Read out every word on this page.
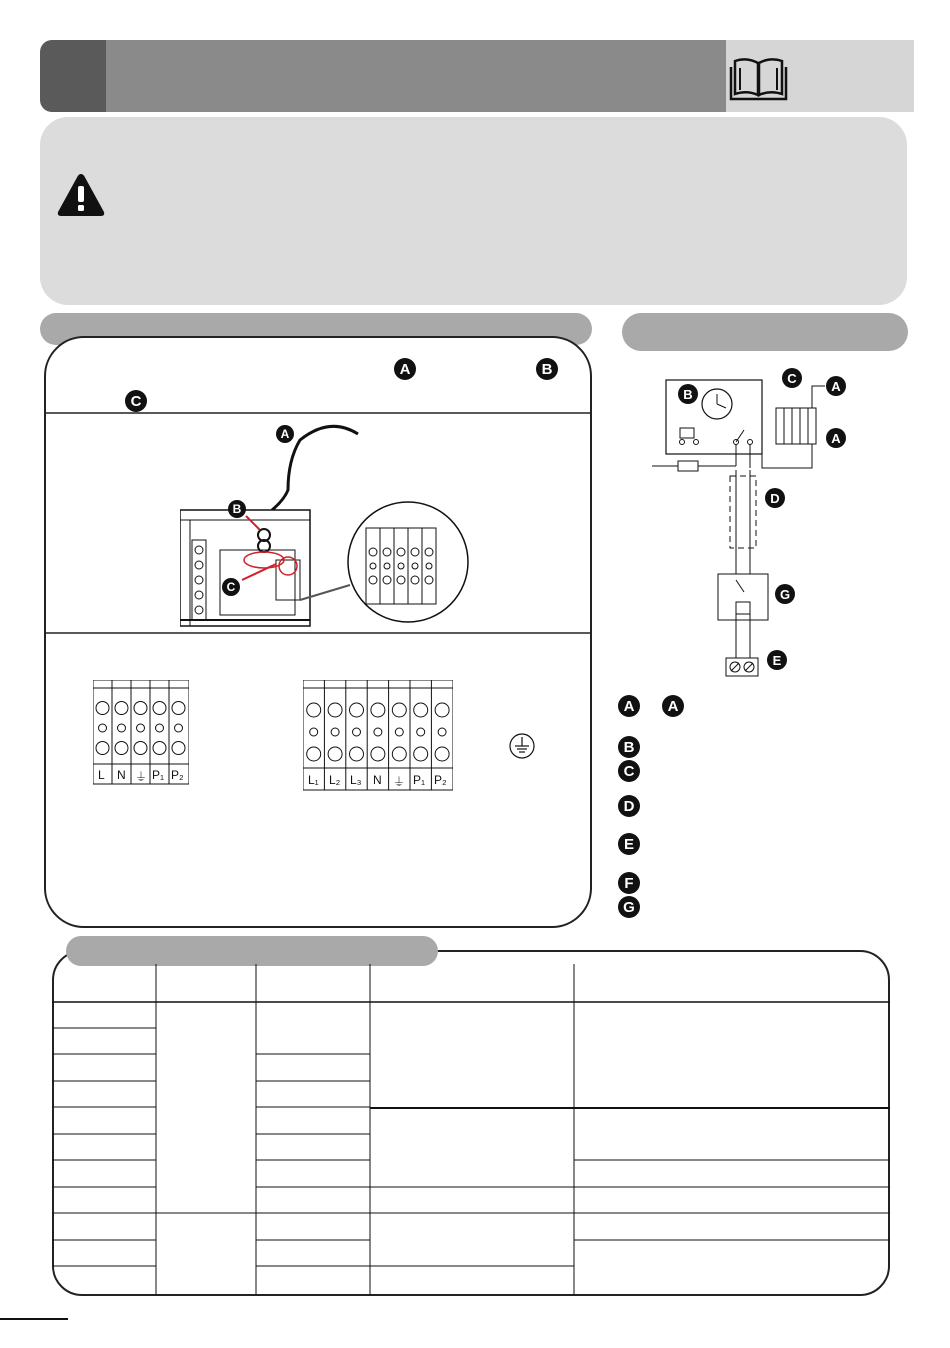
A	B
C
A
B
C
L N ⏚ P₁ P₂	L₁ L₂ L₃ N ⏚ P₁ P₂
B
C
A
A
D
G
E
A	A
B
C
D
E
F
G
